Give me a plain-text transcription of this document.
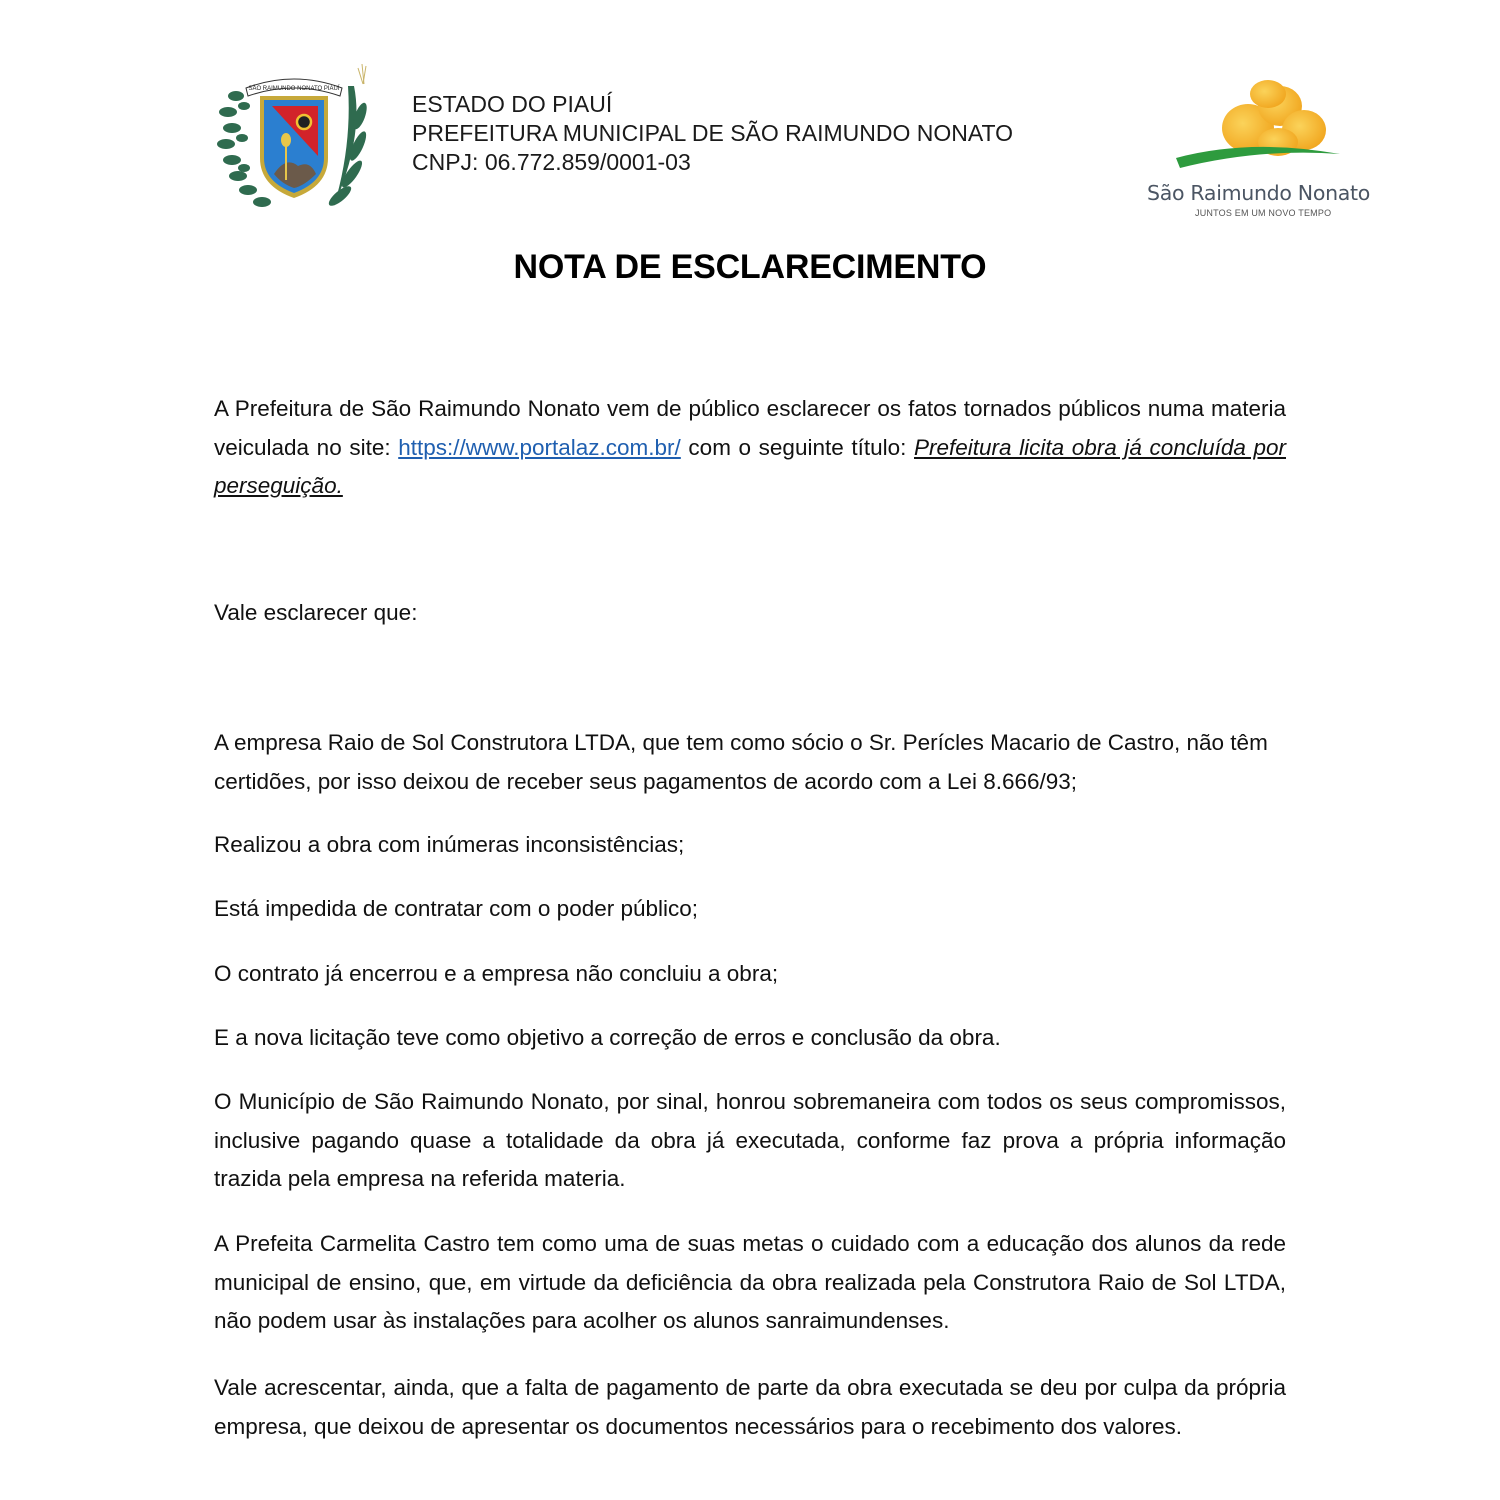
SÃO RAIMUNDO NONATO PIAUÍ
ESTADO DO PIAUÍ
PREFEITURA MUNICIPAL DE SÃO RAIMUNDO NONATO
CNPJ: 06.772.859/0001-03
São Raimundo Nonato
JUNTOS EM UM NOVO TEMPO
NOTA DE ESCLARECIMENTO
A Prefeitura de São Raimundo Nonato vem de público esclarecer os fatos tornados públicos numa materia veiculada no site: https://www.portalaz.com.br/ com o seguinte título: Prefeitura licita obra já concluída por perseguição.
Vale esclarecer que:
A empresa Raio de Sol Construtora LTDA, que tem como sócio o Sr. Perícles Macario de Castro, não têm certidões, por isso deixou de receber seus pagamentos de acordo com a Lei 8.666/93;
Realizou a obra com inúmeras inconsistências;
Está impedida de contratar com o poder público;
O contrato já encerrou e a empresa não concluiu a obra;
E a nova licitação teve como objetivo a correção de erros e conclusão da obra.
O Município de São Raimundo Nonato, por sinal, honrou sobremaneira com todos os seus compromissos, inclusive pagando quase a totalidade da obra já executada, conforme faz prova a própria informação trazida pela empresa na referida materia.
A Prefeita Carmelita Castro tem como uma de suas metas o cuidado com a educação dos alunos da rede municipal de ensino, que, em virtude da deficiência da obra realizada pela Construtora Raio de Sol LTDA, não podem usar às instalações para acolher os alunos sanraimundenses.
Vale acrescentar, ainda, que a falta de pagamento de parte da obra executada se deu por culpa da própria empresa, que deixou de apresentar os documentos necessários para o recebimento dos valores.
